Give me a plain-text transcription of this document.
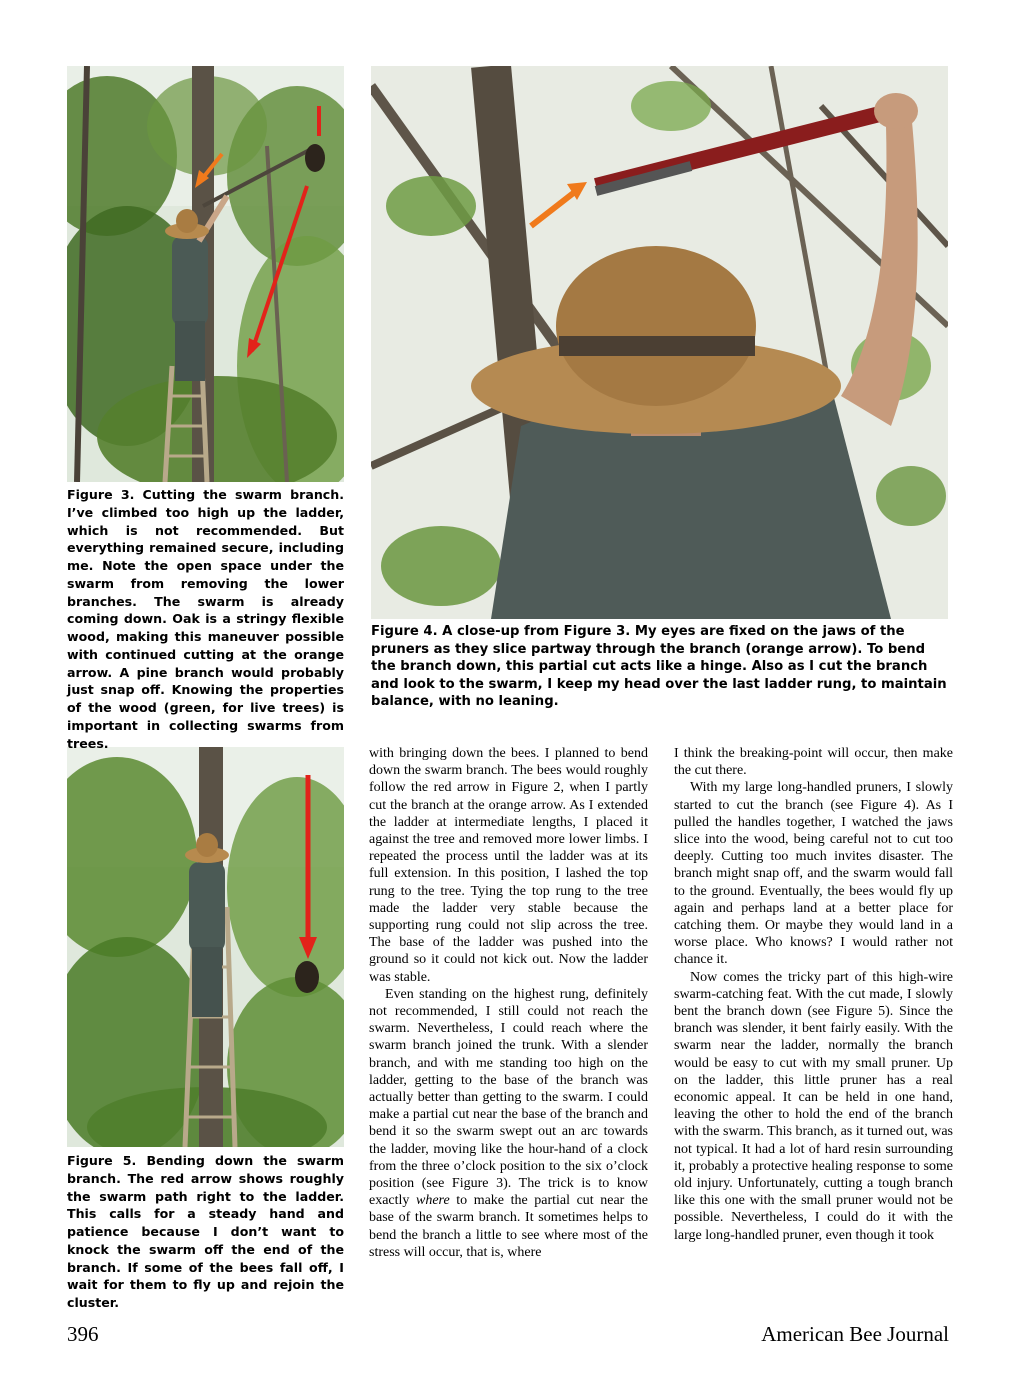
Figure 3. Cutting the swarm branch. I’ve climbed too high up the ladder, which is not recommended. But everything remained secure, including me. Note the open space under the swarm from removing the lower branches. The swarm is already coming down. Oak is a stringy flexible wood, making this maneuver possible with continued cutting at the orange arrow. A pine branch would probably just snap off. Knowing the properties of the wood (green, for live trees) is important in collecting swarms from trees.
Figure 4. A close-up from Figure 3. My eyes are fixed on the jaws of the pruners as they slice partway through the branch (orange arrow). To bend the branch down, this partial cut acts like a hinge. Also as I cut the branch and look to the swarm, I keep my head over the last ladder rung, to maintain balance, with no leaning.
Figure 5. Bending down the swarm branch. The red arrow shows roughly the swarm path right to the ladder. This calls for a steady hand and patience because I don’t want to knock the swarm off the end of the branch. If some of the bees fall off, I wait for them to fly up and rejoin the cluster.

with bringing down the bees. I planned to bend down the swarm branch. The bees would roughly follow the red arrow in Figure 2, when I partly cut the branch at the orange arrow. As I extended the ladder at intermediate lengths, I placed it against the tree and removed more lower limbs. I repeated the process until the ladder was at its full extension. In this position, I lashed the top rung to the tree. Tying the top rung to the tree made the ladder very stable because the supporting rung could not slip across the tree. The base of the ladder was pushed into the ground so it could not kick out. Now the ladder was stable.

Even standing on the highest rung, definitely not recommended, I still could not reach the swarm. Nevertheless, I could reach where the swarm branch joined the trunk. With a slender branch, and with me standing too high on the ladder, getting to the base of the branch was actually better than getting to the swarm. I could make a partial cut near the base of the branch and bend it so the swarm swept out an arc towards the ladder, moving like the hour-hand of a clock from the three o’clock position to the six o’clock position (see Figure 3). The trick is to know exactly where to make the partial cut near the base of the swarm branch. It sometimes helps to bend the branch a little to see where most of the stress will occur, that is, where

I think the breaking-point will occur, then make the cut there.

With my large long-handled pruners, I slowly started to cut the branch (see Figure 4). As I pulled the handles together, I watched the jaws slice into the wood, being careful not to cut too deeply. Cutting too much invites disaster. The branch might snap off, and the swarm would fall to the ground. Eventually, the bees would fly up again and perhaps land at a better place for catching them. Or maybe they would land in a worse place. Who knows? I would rather not chance it.

Now comes the tricky part of this high-wire swarm-catching feat. With the cut made, I slowly bent the branch down (see Figure 5). Since the branch was slender, it bent fairly easily. With the swarm near the ladder, normally the branch would be easy to cut with my small pruner. Up on the ladder, this little pruner has a real economic appeal. It can be held in one hand, leaving the other to hold the end of the branch with the swarm. This branch, as it turned out, was not typical. It had a lot of hard resin surrounding it, probably a protective healing response to some old injury. Unfortunately, cutting a tough branch like this one with the small pruner would not be possible. Nevertheless, I could do it with the large long-handled pruner, even though it took

396	American Bee Journal
